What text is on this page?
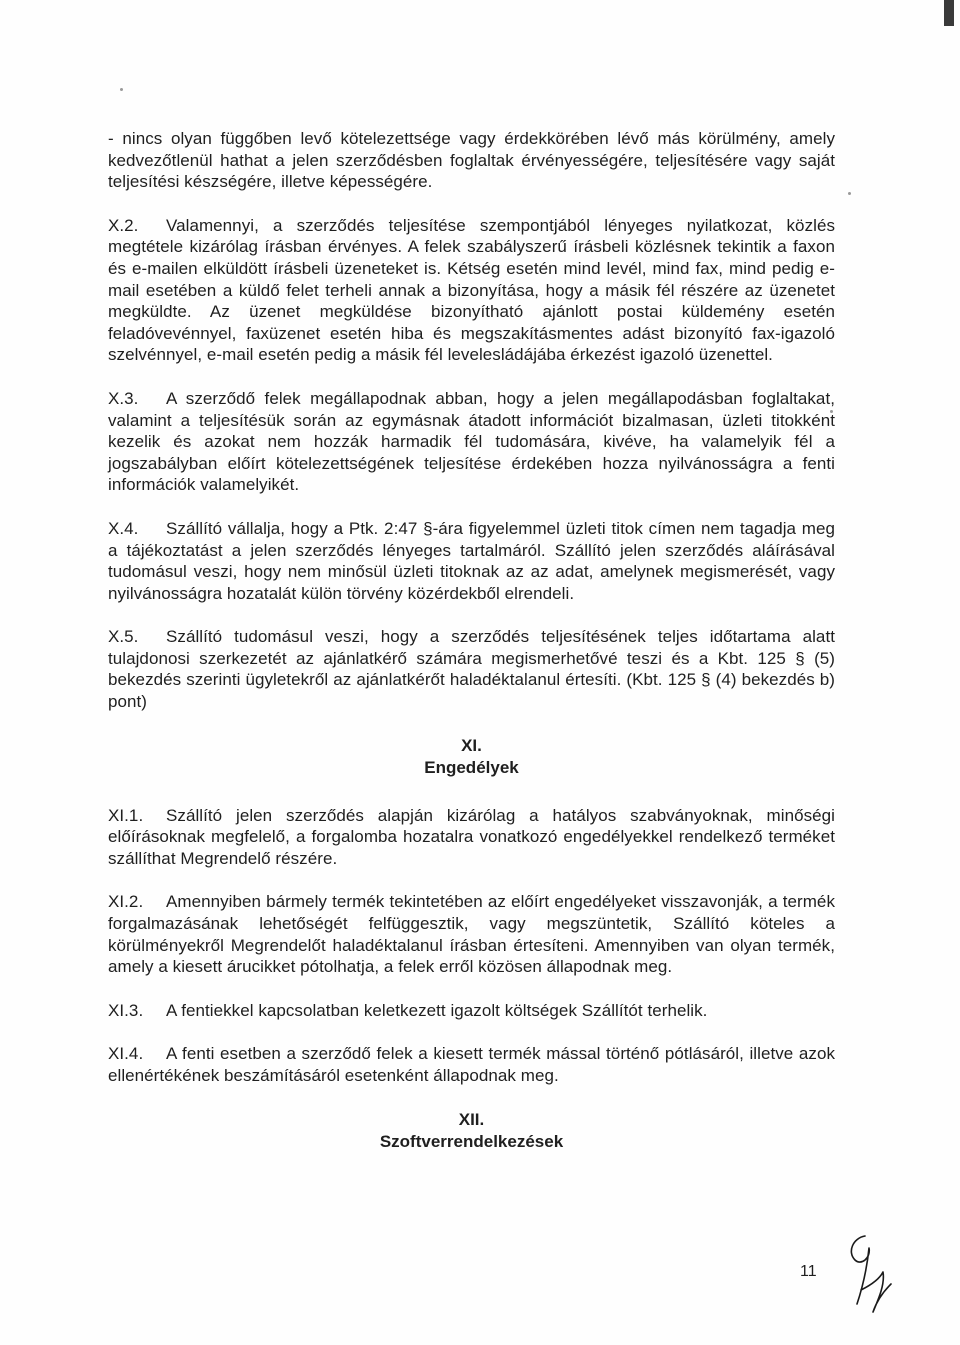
- nincs olyan függőben levő kötelezettsége vagy érdekkörében lévő más körülmény, amely kedvezőtlenül hathat a jelen szerződésben foglaltak érvényességére, teljesítésére vagy saját teljesítési készségére, illetve képességére.

X.2. Valamennyi, a szerződés teljesítése szempontjából lényeges nyilatkozat, közlés megtétele kizárólag írásban érvényes. A felek szabályszerű írásbeli közlésnek tekintik a faxon és e-mailen elküldött írásbeli üzeneteket is. Kétség esetén mind levél, mind fax, mind pedig e-mail esetében a küldő felet terheli annak a bizonyítása, hogy a másik fél részére az üzenetet megküldte. Az üzenet megküldése bizonyítható ajánlott postai küldemény esetén feladóvevénnyel, faxüzenet esetén hiba és megszakításmentes adást bizonyító fax-igazoló szelvénnyel, e-mail esetén pedig a másik fél levelesládájába érkezést igazoló üzenettel.

X.3. A szerződő felek megállapodnak abban, hogy a jelen megállapodásban foglaltakat, valamint a teljesítésük során az egymásnak átadott információt bizalmasan, üzleti titokként kezelik és azokat nem hozzák harmadik fél tudomására, kivéve, ha valamelyik fél a jogszabályban előírt kötelezettségének teljesítése érdekében hozza nyilvánosságra a fenti információk valamelyikét.

X.4. Szállító vállalja, hogy a Ptk. 2:47 §-ára figyelemmel üzleti titok címen nem tagadja meg a tájékoztatást a jelen szerződés lényeges tartalmáról. Szállító jelen szerződés aláírásával tudomásul veszi, hogy nem minősül üzleti titoknak az az adat, amelynek megismerését, vagy nyilvánosságra hozatalát külön törvény közérdekből elrendeli.

X.5. Szállító tudomásul veszi, hogy a szerződés teljesítésének teljes időtartama alatt tulajdonosi szerkezetét az ajánlatkérő számára megismerhetővé teszi és a Kbt. 125 § (5) bekezdés szerinti ügyletekről az ajánlatkérőt haladéktalanul értesíti. (Kbt. 125 § (4) bekezdés b) pont)

XI.

Engedélyek

XI.1. Szállító jelen szerződés alapján kizárólag a hatályos szabványoknak, minőségi előírásoknak megfelelő, a forgalomba hozatalra vonatkozó engedélyekkel rendelkező terméket szállíthat Megrendelő részére.

XI.2. Amennyiben bármely termék tekintetében az előírt engedélyeket visszavonják, a termék forgalmazásának lehetőségét felfüggesztik, vagy megszüntetik, Szállító köteles a körülményekről Megrendelőt haladéktalanul írásban értesíteni. Amennyiben van olyan termék, amely a kiesett árucikket pótolhatja, a felek erről közösen állapodnak meg.

XI.3. A fentiekkel kapcsolatban keletkezett igazolt költségek Szállítót terhelik.

XI.4. A fenti esetben a szerződő felek a kiesett termék mással történő pótlásáról, illetve azok ellenértékének beszámításáról esetenként állapodnak meg.

XII.

Szoftverrendelkezések

11
